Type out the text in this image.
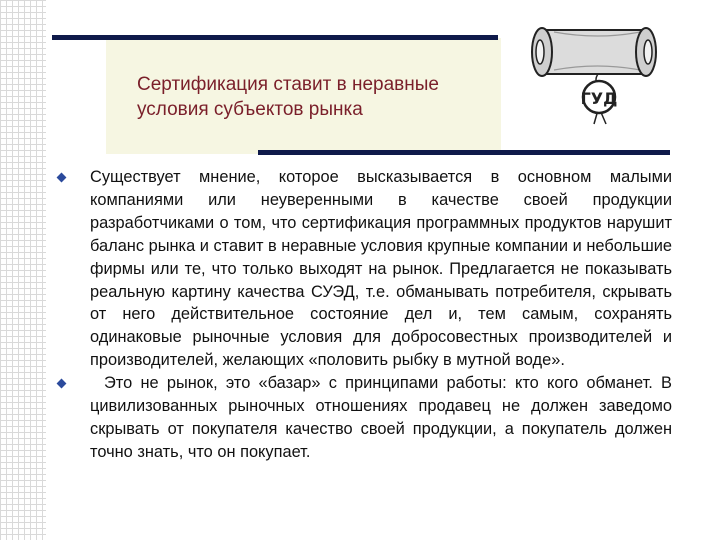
Сертификация ставит в неравные
условия субъектов рынка
ГУД
Существует мнение, которое высказывается в основном малыми компаниями или неуверенными в качестве своей продукции разработчиками о том, что сертификация программных продуктов нарушит баланс рынка и ставит в неравные условия крупные компании и небольшие фирмы или те, что только выходят на рынок. Предлагается не показывать реальную картину качества СУЭД, т.е. обманывать потребителя, скрывать от него действительное состояние дел и, тем самым, сохранять одинаковые рыночные условия для добросовестных производителей и производителей, желающих «половить рыбку в мутной воде».
Это не рынок, это «базар» с принципами работы: кто кого обманет. В цивилизованных рыночных отношениях продавец не должен заведомо скрывать от покупателя качество своей продукции, а покупатель должен точно знать, что он покупает.
